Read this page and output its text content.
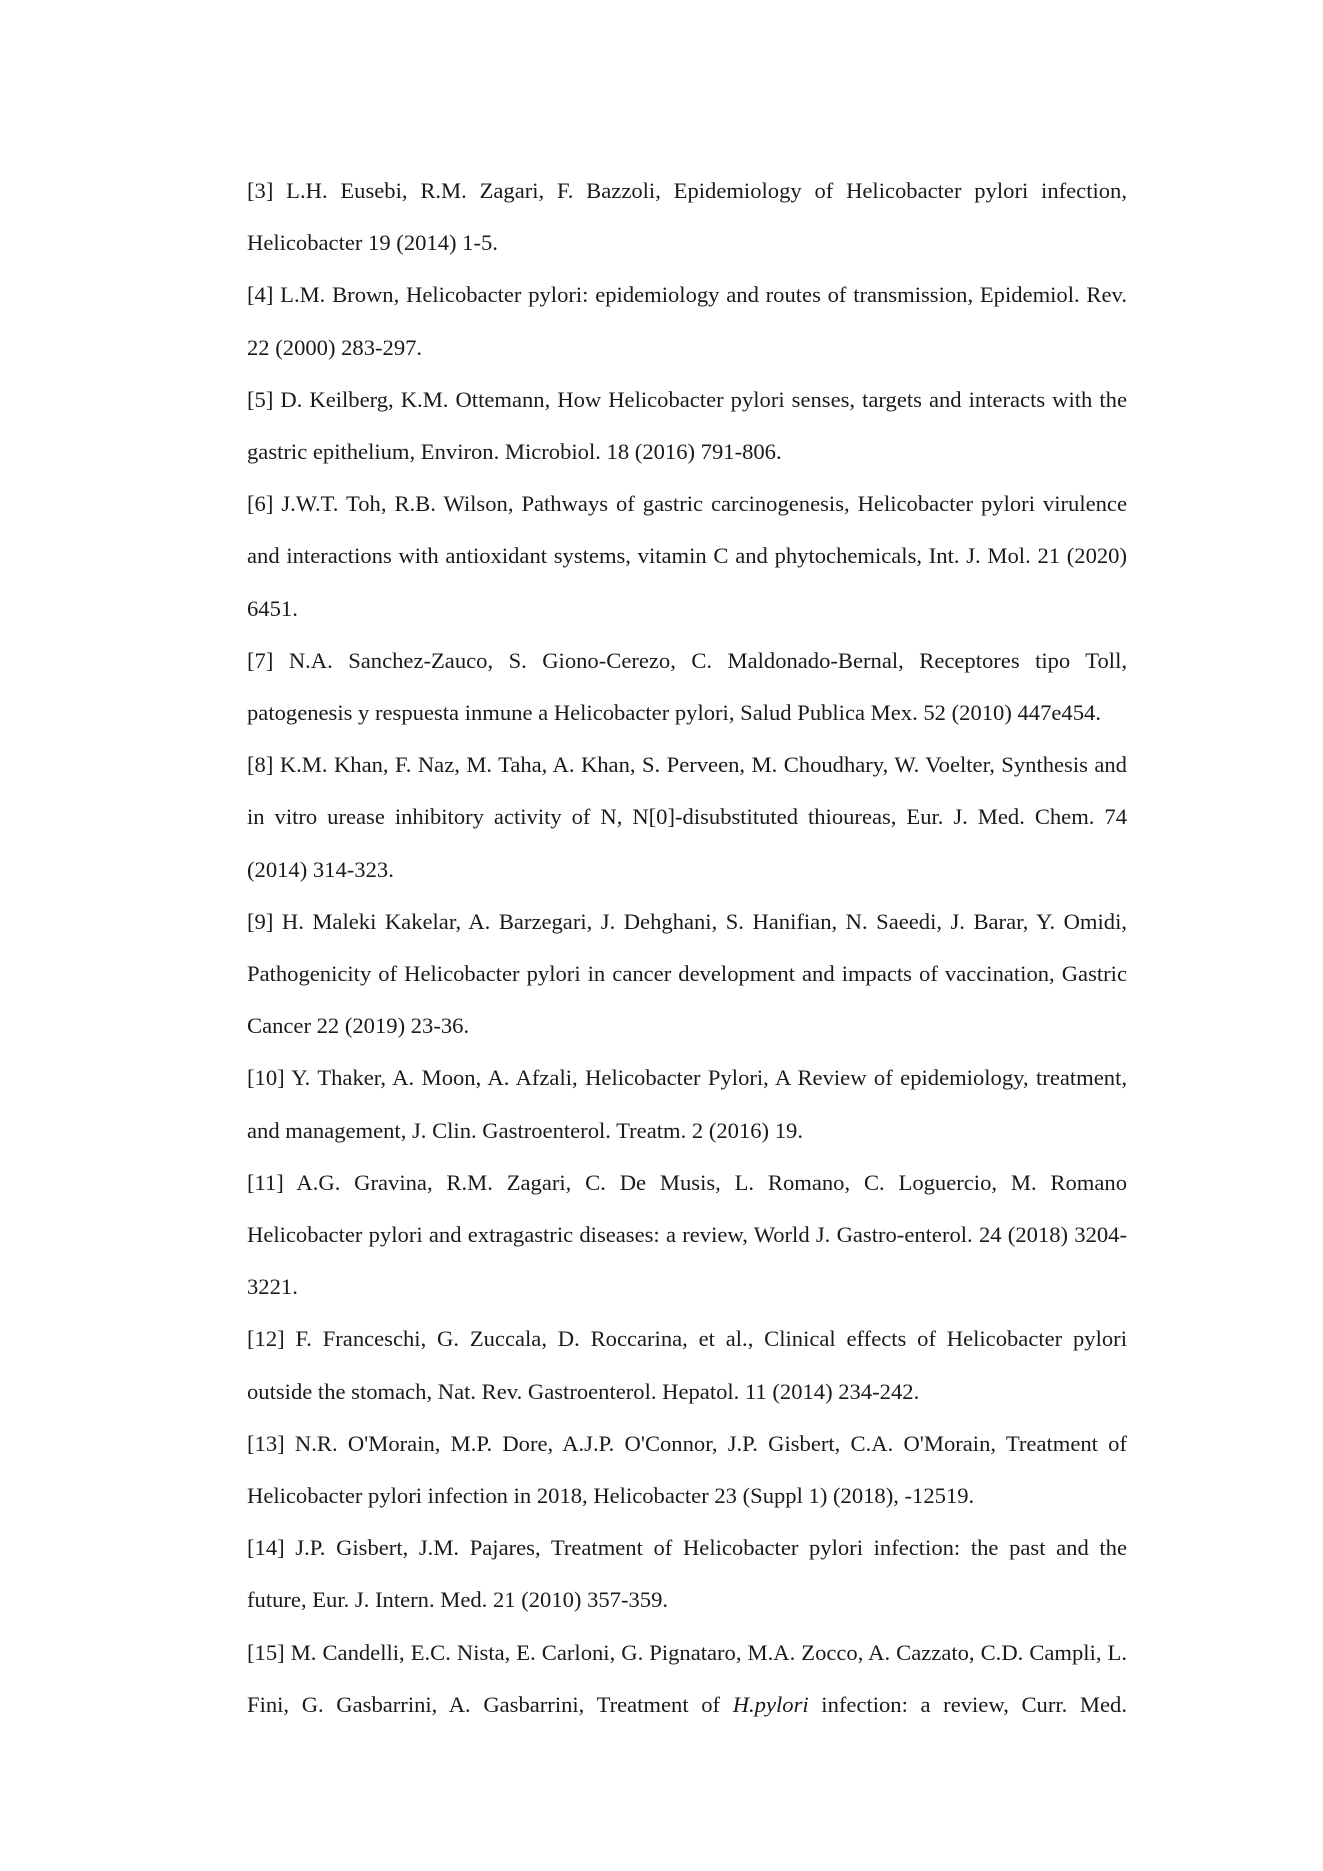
[3] L.H. Eusebi, R.M. Zagari, F. Bazzoli, Epidemiology of Helicobacter pylori infection, Helicobacter 19 (2014) 1-5.

[4] L.M. Brown, Helicobacter pylori: epidemiology and routes of transmission, Epidemiol. Rev. 22 (2000) 283-297.

[5] D. Keilberg, K.M. Ottemann, How Helicobacter pylori senses, targets and interacts with the gastric epithelium, Environ. Microbiol. 18 (2016) 791-806.

[6] J.W.T. Toh, R.B. Wilson, Pathways of gastric carcinogenesis, Helicobacter pylori virulence and interactions with antioxidant systems, vitamin C and phytochemicals, Int. J. Mol. 21 (2020) 6451.

[7] N.A. Sanchez-Zauco, S. Giono-Cerezo, C. Maldonado-Bernal, Receptores tipo Toll, patogenesis y respuesta inmune a Helicobacter pylori, Salud Publica Mex. 52 (2010) 447e454.

[8] K.M. Khan, F. Naz, M. Taha, A. Khan, S. Perveen, M. Choudhary, W. Voelter, Synthesis and in vitro urease inhibitory activity of N, N[0]-disubstituted thioureas, Eur. J. Med. Chem. 74 (2014) 314-323.

[9] H. Maleki Kakelar, A. Barzegari, J. Dehghani, S. Hanifian, N. Saeedi, J. Barar, Y. Omidi, Pathogenicity of Helicobacter pylori in cancer development and impacts of vaccination, Gastric Cancer 22 (2019) 23-36.

[10] Y. Thaker, A. Moon, A. Afzali, Helicobacter Pylori, A Review of epidemiology, treatment, and management, J. Clin. Gastroenterol. Treatm. 2 (2016) 19.

[11] A.G. Gravina, R.M. Zagari, C. De Musis, L. Romano, C. Loguercio, M. Romano Helicobacter pylori and extragastric diseases: a review, World J. Gastro-enterol. 24 (2018) 3204-3221.

[12] F. Franceschi, G. Zuccala, D. Roccarina, et al., Clinical effects of Helicobacter pylori outside the stomach, Nat. Rev. Gastroenterol. Hepatol. 11 (2014) 234-242.

[13] N.R. O'Morain, M.P. Dore, A.J.P. O'Connor, J.P. Gisbert, C.A. O'Morain, Treatment of Helicobacter pylori infection in 2018, Helicobacter 23 (Suppl 1) (2018), -12519.

[14] J.P. Gisbert, J.M. Pajares, Treatment of Helicobacter pylori infection: the past and the future, Eur. J. Intern. Med. 21 (2010) 357-359.

[15] M. Candelli, E.C. Nista, E. Carloni, G. Pignataro, M.A. Zocco, A. Cazzato, C.D. Campli, L. Fini, G. Gasbarrini, A. Gasbarrini, Treatment of H.pylori infection: a review, Curr. Med.
